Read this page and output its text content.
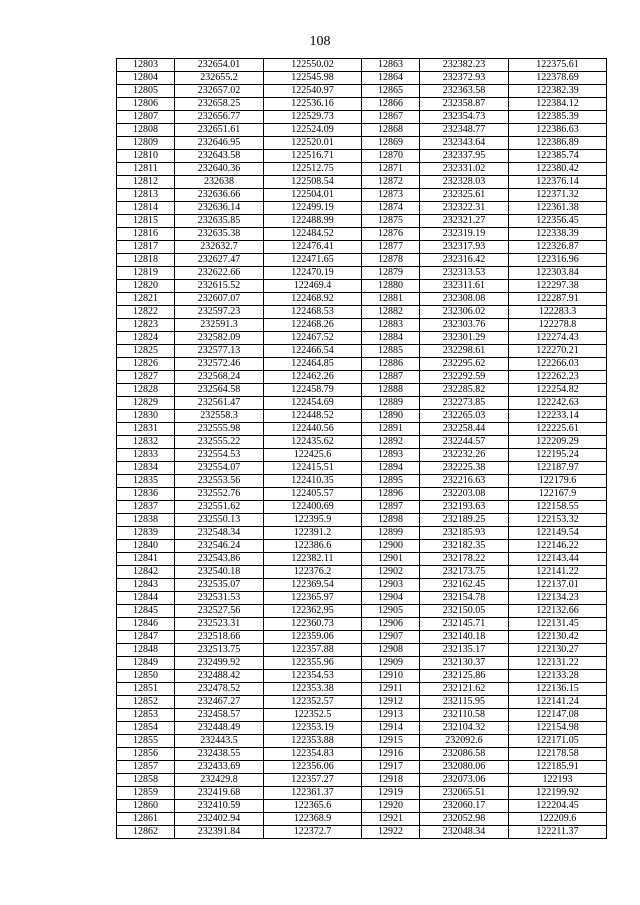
108
12803	232654.01	122550.02	12863	232382.23	122375.61
12804	232655.2	122545.98	12864	232372.93	122378.69
12805	232657.02	122540.97	12865	232363.58	122382.39
12806	232658.25	122536.16	12866	232358.87	122384.12
12807	232656.77	122529.73	12867	232354.73	122385.39
12808	232651.61	122524.09	12868	232348.77	122386.63
12809	232646.95	122520.01	12869	232343.64	122386.89
12810	232643.58	122516.71	12870	232337.95	122385.74
12811	232640.36	122512.75	12871	232331.02	122380.42
12812	232638	122508.54	12872	232328.03	122376.14
12813	232636.66	122504.01	12873	232325.61	122371.32
12814	232636.14	122499.19	12874	232322.31	122361.38
12815	232635.85	122488.99	12875	232321.27	122356.45
12816	232635.38	122484.52	12876	232319.19	122338.39
12817	232632.7	122476.41	12877	232317.93	122326.87
12818	232627.47	122471.65	12878	232316.42	122316.96
12819	232622.66	122470.19	12879	232313.53	122303.84
12820	232615.52	122469.4	12880	232311.61	122297.38
12821	232607.07	122468.92	12881	232308.08	122287.91
12822	232597.23	122468.53	12882	232306.02	122283.3
12823	232591.3	122468.26	12883	232303.76	122278.8
12824	232582.09	122467.52	12884	232301.29	122274.43
12825	232577.13	122466.54	12885	232298.61	122270.21
12826	232572.46	122464.85	12886	232295.62	122266.03
12827	232568.24	122462.26	12887	232292.59	122262.23
12828	232564.58	122458.79	12888	232285.82	122254.82
12829	232561.47	122454.69	12889	232273.85	122242.63
12830	232558.3	122448.52	12890	232265.03	122233.14
12831	232555.98	122440.56	12891	232258.44	122225.61
12832	232555.22	122435.62	12892	232244.57	122209.29
12833	232554.53	122425.6	12893	232232.26	122195.24
12834	232554.07	122415.51	12894	232225.38	122187.97
12835	232553.56	122410.35	12895	232216.63	122179.6
12836	232552.76	122405.57	12896	232203.08	122167.9
12837	232551.62	122400.69	12897	232193.63	122158.55
12838	232550.13	122395.9	12898	232189.25	122153.32
12839	232548.34	122391.2	12899	232185.93	122149.54
12840	232546.24	122386.6	12900	232182.35	122146.22
12841	232543.86	122382.11	12901	232178.22	122143.44
12842	232540.18	122376.2	12902	232173.75	122141.22
12843	232535.07	122369.54	12903	232162.45	122137.01
12844	232531.53	122365.97	12904	232154.78	122134.23
12845	232527.56	122362.95	12905	232150.05	122132.66
12846	232523.31	122360.73	12906	232145.71	122131.45
12847	232518.66	122359.06	12907	232140.18	122130.42
12848	232513.75	122357.88	12908	232135.17	122130.27
12849	232499.92	122355.96	12909	232130.37	122131.22
12850	232488.42	122354.53	12910	232125.86	122133.28
12851	232478.52	122353.38	12911	232121.62	122136.15
12852	232467.27	122352.57	12912	232115.95	122141.24
12853	232458.57	122352.5	12913	232110.58	122147.08
12854	232448.49	122353.19	12914	232104.32	122154.98
12855	232443.5	122353.88	12915	232092.6	122171.05
12856	232438.55	122354.83	12916	232086.58	122178.58
12857	232433.69	122356.06	12917	232080.06	122185.91
12858	232429.8	122357.27	12918	232073.06	122193
12859	232419.68	122361.37	12919	232065.51	122199.92
12860	232410.59	122365.6	12920	232060.17	122204.45
12861	232402.94	122368.9	12921	232052.98	122209.6
12862	232391.84	122372.7	12922	232048.34	122211.37
